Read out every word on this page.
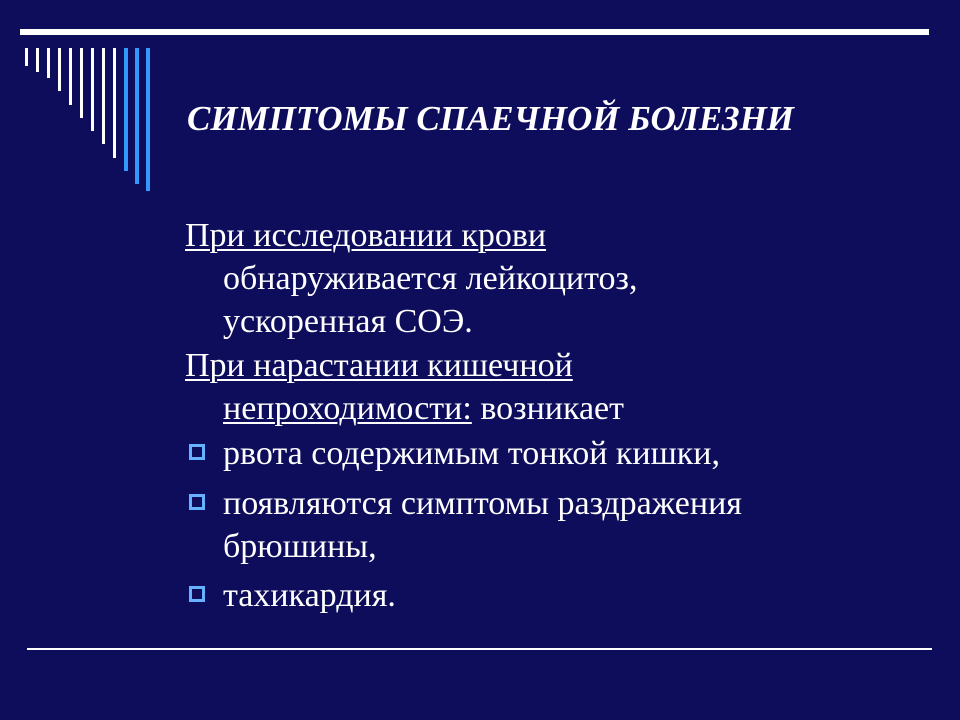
СИМПТОМЫ СПАЕЧНОЙ БОЛЕЗНИ
При исследовании крови
обнаруживается лейкоцитоз,
ускоренная СОЭ.
При нарастании кишечной
непроходимости: возникает
рвота содержимым тонкой кишки,
появляются симптомы раздражения
брюшины,
тахикардия.
